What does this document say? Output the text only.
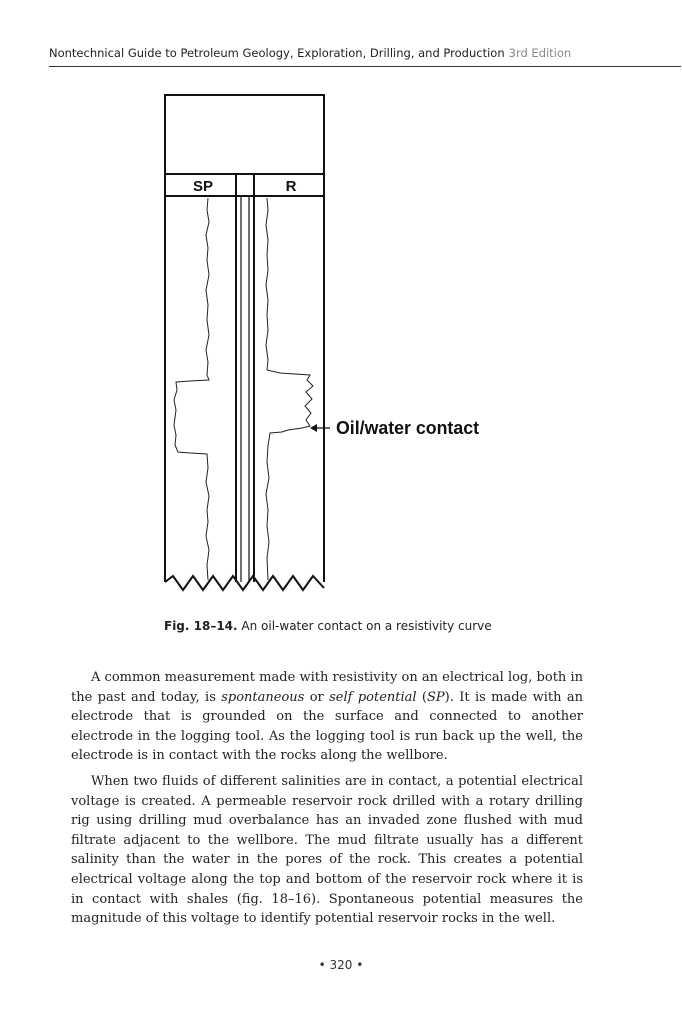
Nontechnical Guide to Petroleum Geology, Exploration, Drilling, and Production 3rd Edition
SP	R
Oil/water contact
Fig. 18–14. An oil-water contact on a resistivity curve

A common measurement made with resistivity on an electrical log, both in the past and today, is spontaneous or self potential (SP). It is made with an electrode that is grounded on the surface and connected to another electrode in the logging tool. As the logging tool is run back up the well, the electrode is in contact with the rocks along the wellbore.

When two fluids of different salinities are in contact, a potential electrical voltage is created. A permeable reservoir rock drilled with a rotary drilling rig using drilling mud overbalance has an invaded zone flushed with mud filtrate adjacent to the wellbore. The mud filtrate usually has a different salinity than the water in the pores of the rock. This creates a potential electrical voltage along the top and bottom of the reservoir rock where it is in contact with shales (fig. 18–16). Spontaneous potential measures the magnitude of this voltage to identify potential reservoir rocks in the well.

• 320 •
